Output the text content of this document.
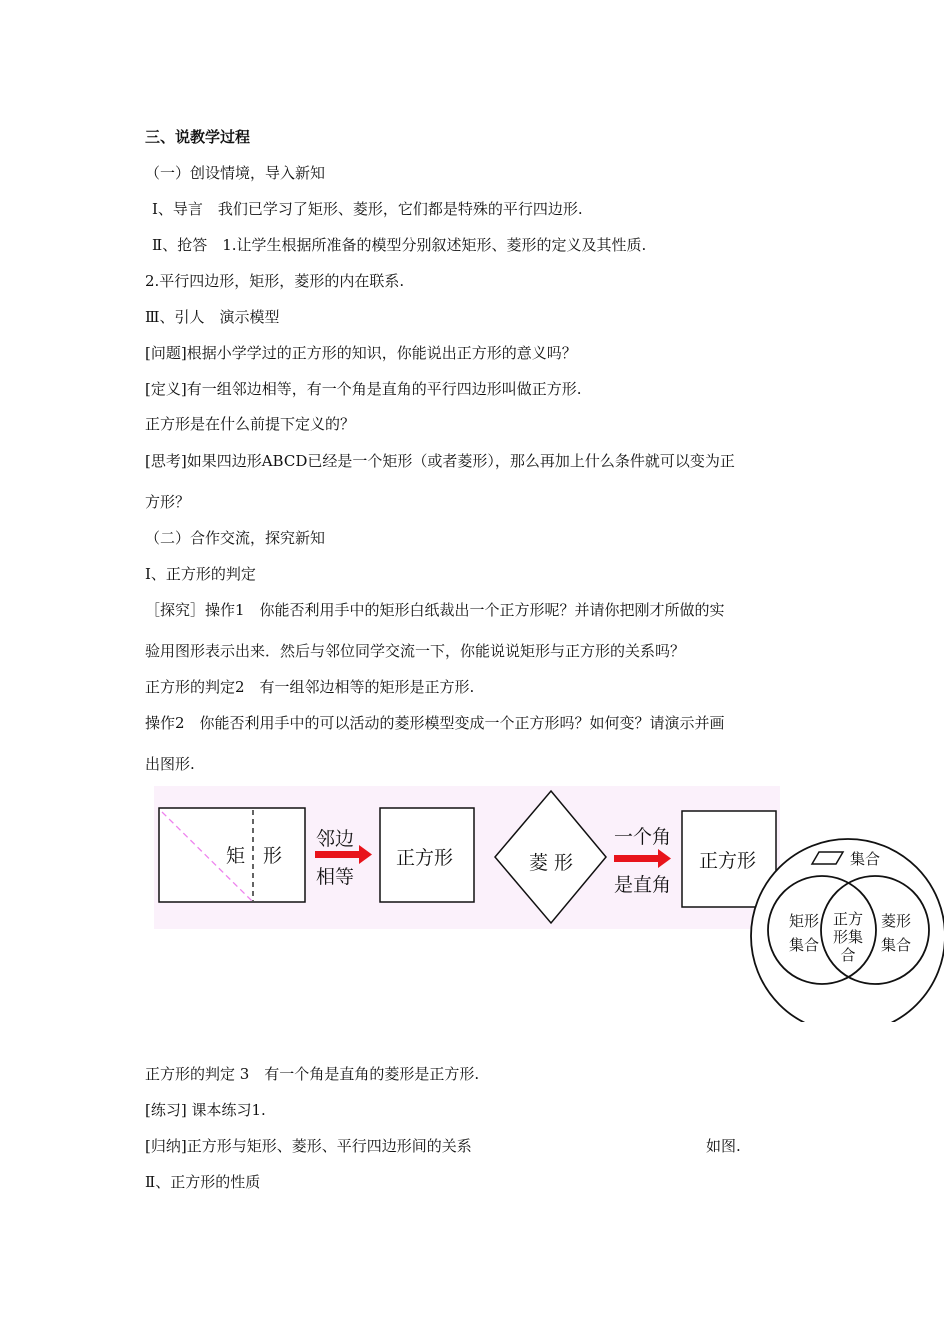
三、说教学过程
（一）创设情境，导入新知
Ⅰ、导言　我们已学习了矩形、菱形，它们都是特殊的平行四边形.
Ⅱ、抢答　1.让学生根据所准备的模型分别叙述矩形、菱形的定义及其性质.
2.平行四边形，矩形，菱形的内在联系.
Ⅲ、引人　演示模型
[问题]根据小学学过的正方形的知识，你能说出正方形的意义吗？
[定义]有一组邻边相等，有一个角是直角的平行四边形叫做正方形.
正方形是在什么前提下定义的？
[思考]如果四边形ABCD已经是一个矩形（或者菱形），那么再加上什么条件就可以变为正
方形？
（二）合作交流，探究新知
Ⅰ、正方形的判定
［探究］操作1　你能否利用手中的矩形白纸裁出一个正方形呢？并请你把刚才所做的实
验用图形表示出来．然后与邻位同学交流一下，你能说说矩形与正方形的关系吗？
正方形的判定2　有一组邻边相等的矩形是正方形.
操作2　你能否利用手中的可以活动的菱形模型变成一个正方形吗？如何变？请演示并画
出图形.
矩 形
邻边
相等
正方形	菱 形
一个角
是直角
正方形	集合
矩形
集合
正方
形集
合
菱形
集合
正方形的判定 3　有一个角是直角的菱形是正方形.
[练习] 课本练习1.
[归纳]正方形与矩形、菱形、平行四边形间的关系	如图.
Ⅱ、正方形的性质
